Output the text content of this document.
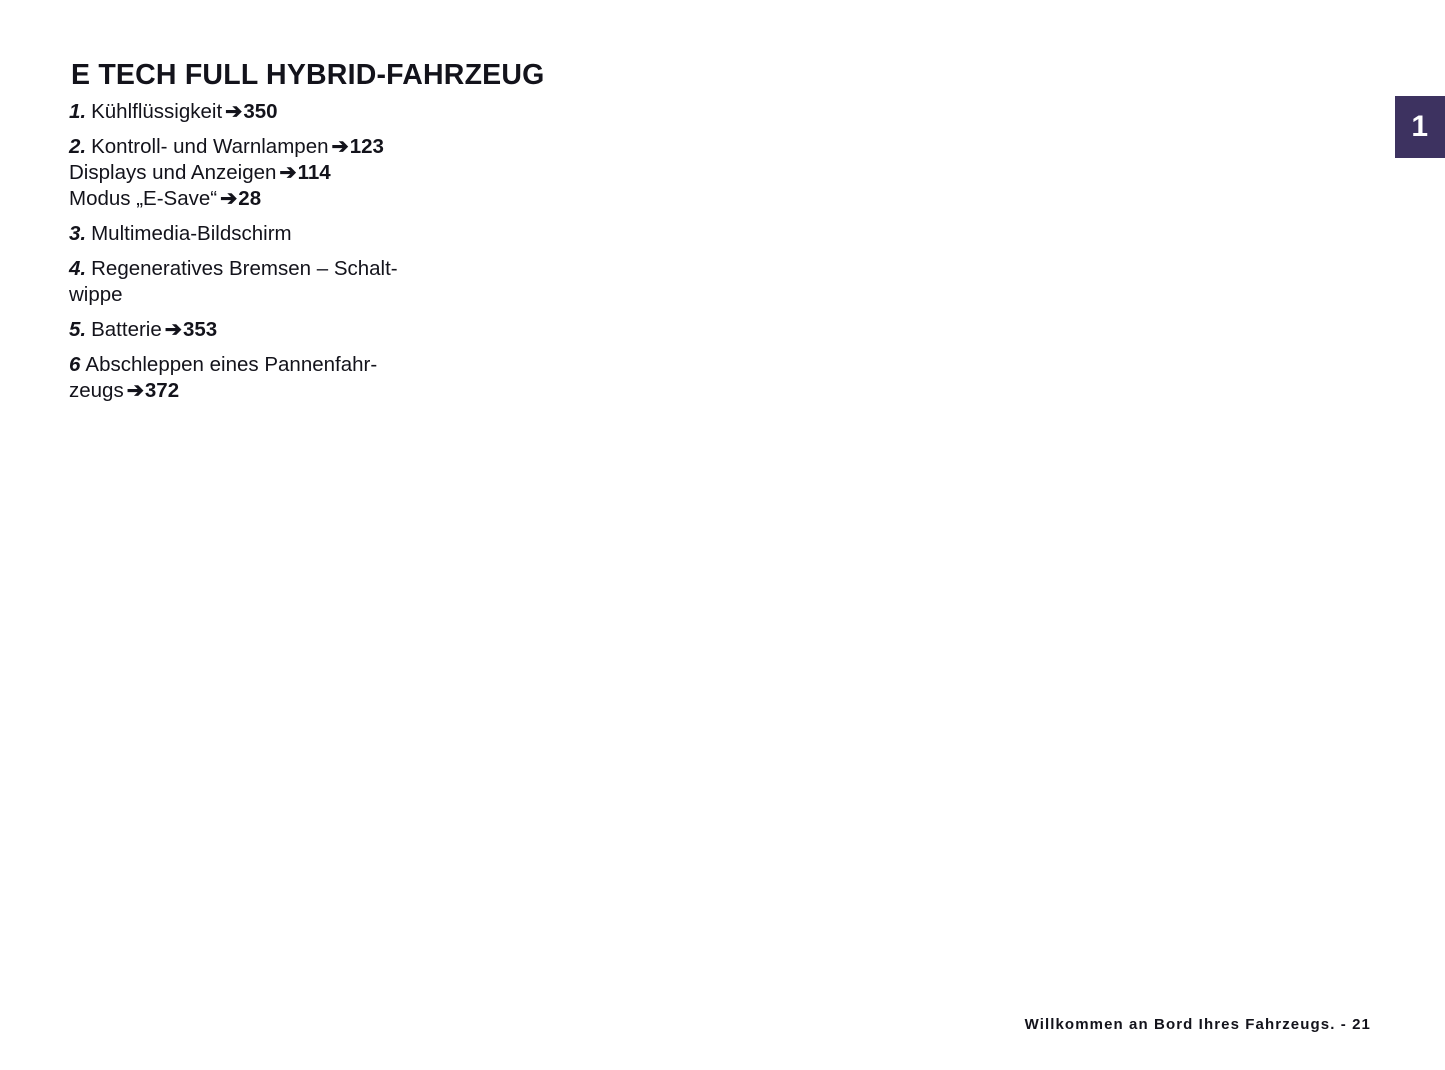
1
E TECH FULL HYBRID-FAHRZEUG
1. Kühlflüssigkeit ➔350
2. Kontroll- und Warnlampen ➔123
Displays und Anzeigen ➔114
Modus „E-Save“ ➔28
3. Multimedia-Bildschirm
4. Regeneratives Bremsen – Schalt-
wippe
5. Batterie ➔353
6 Abschleppen eines Pannenfahr-
zeugs ➔372
Willkommen an Bord Ihres Fahrzeugs. - 21
